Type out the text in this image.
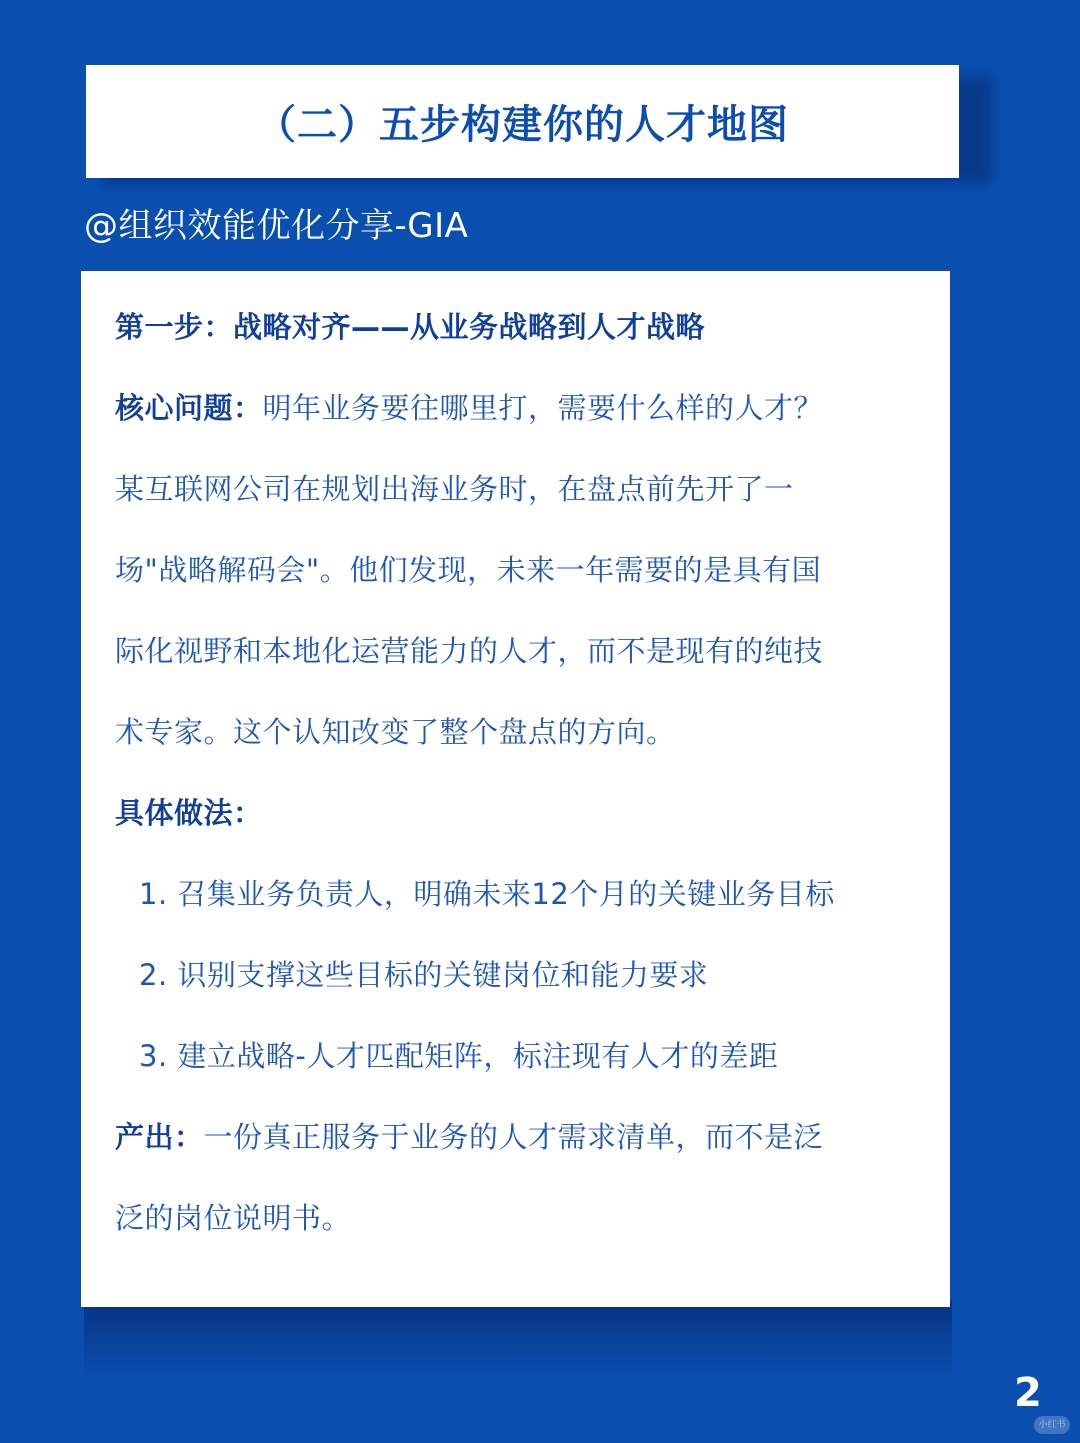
（二）五步构建你的人才地图
@组织效能优化分享-GIA
第一步：战略对齐——从业务战略到人才战略
核心问题：明年业务要往哪里打，需要什么样的人才？
某互联网公司在规划出海业务时，在盘点前先开了一
场"战略解码会"。他们发现，未来一年需要的是具有国
际化视野和本地化运营能力的人才，而不是现有的纯技
术专家。这个认知改变了整个盘点的方向。
具体做法：
1. 召集业务负责人，明确未来12个月的关键业务目标
2. 识别支撑这些目标的关键岗位和能力要求
3. 建立战略-人才匹配矩阵，标注现有人才的差距
产出：一份真正服务于业务的人才需求清单，而不是泛
泛的岗位说明书。
2
小红书
